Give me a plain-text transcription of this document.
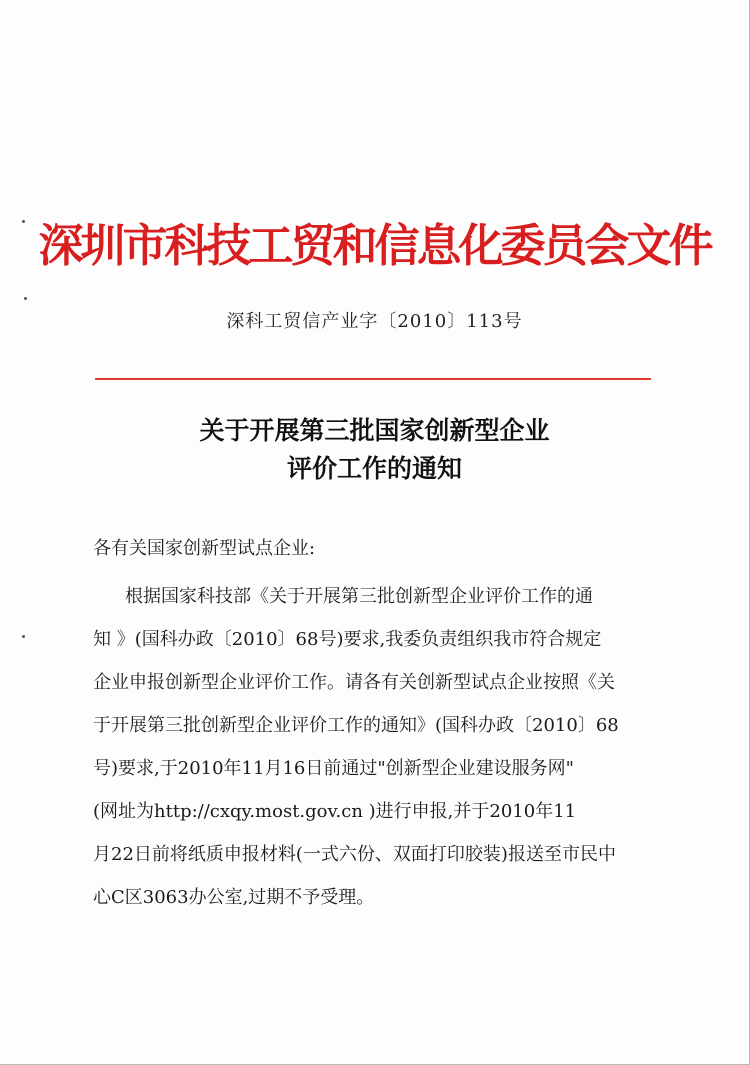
深圳市科技工贸和信息化委员会文件
深科工贸信产业字〔2010〕113号
关于开展第三批国家创新型企业
评价工作的通知
各有关国家创新型试点企业:
根据国家科技部《关于开展第三批创新型企业评价工作的通
知 》(国科办政〔2010〕68号)要求,我委负责组织我市符合规定
企业申报创新型企业评价工作。请各有关创新型试点企业按照《关
于开展第三批创新型企业评价工作的通知》(国科办政〔2010〕68
号)要求,于2010年11月16日前通过"创新型企业建设服务网"
(网址为http://cxqy.most.gov.cn )进行申报,并于2010年11
月22日前将纸质申报材料(一式六份、双面打印胶装)报送至市民中
心C区3063办公室,过期不予受理。
